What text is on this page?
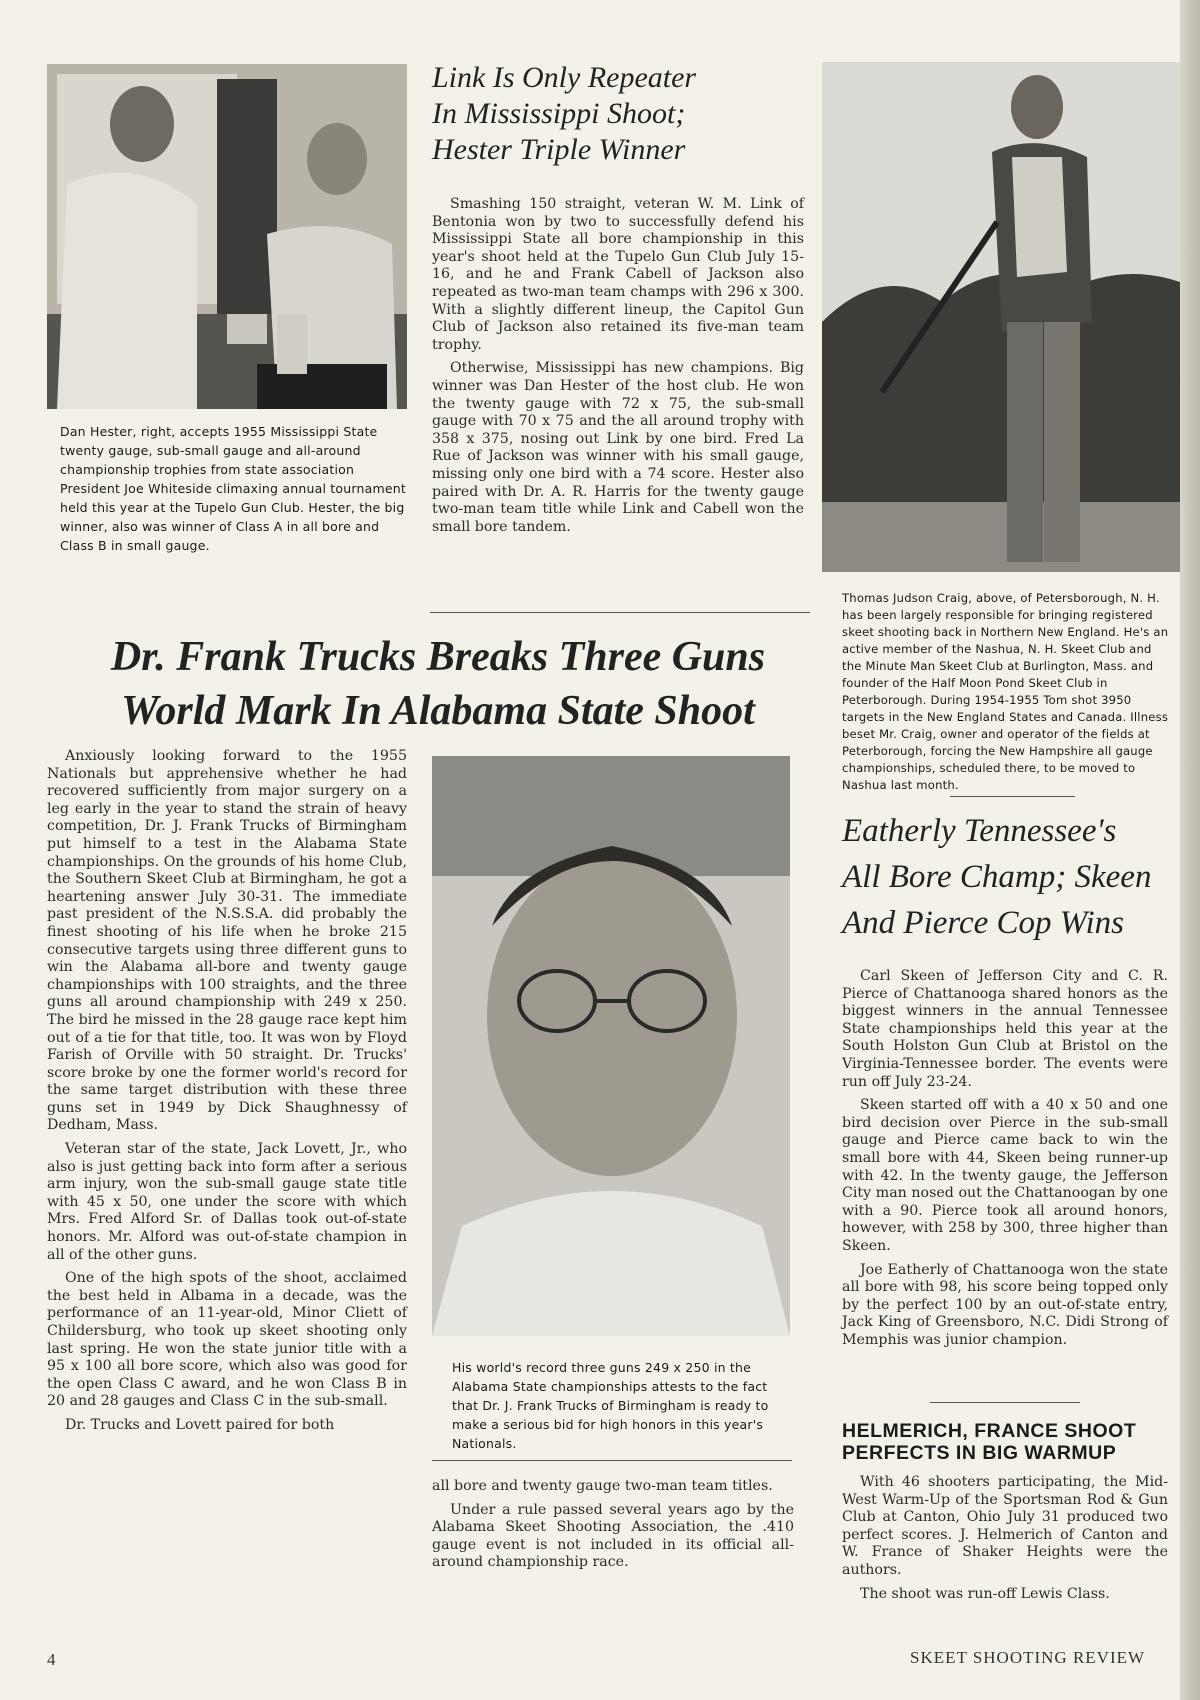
Dan Hester, right, accepts 1955 Mississippi State twenty gauge, sub-small gauge and all-around championship trophies from state association President Joe Whiteside climaxing annual tournament held this year at the Tupelo Gun Club. Hester, the big winner, also was winner of Class A in all bore and Class B in small gauge.
Link Is Only Repeater
In Mississippi Shoot;
Hester Triple Winner

Smashing 150 straight, veteran W. M. Link of Bentonia won by two to successfully defend his Mississippi State all bore championship in this year's shoot held at the Tupelo Gun Club July 15-16, and he and Frank Cabell of Jackson also repeated as two-man team champs with 296 x 300. With a slightly different lineup, the Capitol Gun Club of Jackson also retained its five-man team trophy.

Otherwise, Mississippi has new champions. Big winner was Dan Hester of the host club. He won the twenty gauge with 72 x 75, the sub-small gauge with 70 x 75 and the all around trophy with 358 x 375, nosing out Link by one bird. Fred La Rue of Jackson was winner with his small gauge, missing only one bird with a 74 score. Hester also paired with Dr. A. R. Harris for the twenty gauge two-man team title while Link and Cabell won the small bore tandem.

Thomas Judson Craig, above, of Petersborough, N. H. has been largely responsible for bringing registered skeet shooting back in Northern New England. He's an active member of the Nashua, N. H. Skeet Club and the Minute Man Skeet Club at Burlington, Mass. and founder of the Half Moon Pond Skeet Club in Peterborough. During 1954-1955 Tom shot 3950 targets in the New England States and Canada. Illness beset Mr. Craig, owner and operator of the fields at Peterborough, forcing the New Hampshire all gauge championships, scheduled there, to be moved to Nashua last month.
Dr. Frank Trucks Breaks Three Guns
World Mark In Alabama State Shoot

Anxiously looking forward to the 1955 Nationals but apprehensive whether he had recovered sufficiently from major surgery on a leg early in the year to stand the strain of heavy competition, Dr. J. Frank Trucks of Birmingham put himself to a test in the Alabama State championships. On the grounds of his home Club, the Southern Skeet Club at Birmingham, he got a heartening answer July 30-31. The immediate past president of the N.S.S.A. did probably the finest shooting of his life when he broke 215 consecutive targets using three different guns to win the Alabama all-bore and twenty gauge championships with 100 straights, and the three guns all around championship with 249 x 250. The bird he missed in the 28 gauge race kept him out of a tie for that title, too. It was won by Floyd Farish of Orville with 50 straight. Dr. Trucks' score broke by one the former world's record for the same target distribution with these three guns set in 1949 by Dick Shaughnessy of Dedham, Mass.

Veteran star of the state, Jack Lovett, Jr., who also is just getting back into form after a serious arm injury, won the sub-small gauge state title with 45 x 50, one under the score with which Mrs. Fred Alford Sr. of Dallas took out-of-state honors. Mr. Alford was out-of-state champion in all of the other guns.

One of the high spots of the shoot, acclaimed the best held in Albama in a decade, was the performance of an 11-year-old, Minor Cliett of Childersburg, who took up skeet shooting only last spring. He won the state junior title with a 95 x 100 all bore score, which also was good for the open Class C award, and he won Class B in 20 and 28 gauges and Class C in the sub-small.

Dr. Trucks and Lovett paired for both

His world's record three guns 249 x 250 in the Alabama State championships attests to the fact that Dr. J. Frank Trucks of Birmingham is ready to make a serious bid for high honors in this year's Nationals.

all bore and twenty gauge two-man team titles.

Under a rule passed several years ago by the Alabama Skeet Shooting Association, the .410 gauge event is not included in its official all-around championship race.

Eatherly Tennessee's
All Bore Champ; Skeen
And Pierce Cop Wins

Carl Skeen of Jefferson City and C. R. Pierce of Chattanooga shared honors as the biggest winners in the annual Tennessee State championships held this year at the South Holston Gun Club at Bristol on the Virginia-Tennessee border. The events were run off July 23-24.

Skeen started off with a 40 x 50 and one bird decision over Pierce in the sub-small gauge and Pierce came back to win the small bore with 44, Skeen being runner-up with 42. In the twenty gauge, the Jefferson City man nosed out the Chattanoogan by one with a 90. Pierce took all around honors, however, with 258 by 300, three higher than Skeen.

Joe Eatherly of Chattanooga won the state all bore with 98, his score being topped only by the perfect 100 by an out-of-state entry, Jack King of Greensboro, N.C. Didi Strong of Memphis was junior champion.

HELMERICH, FRANCE SHOOT
PERFECTS IN BIG WARMUP

With 46 shooters participating, the Mid-West Warm-Up of the Sportsman Rod & Gun Club at Canton, Ohio July 31 produced two perfect scores. J. Helmerich of Canton and W. France of Shaker Heights were the authors.

The shoot was run-off Lewis Class.

4	SKEET SHOOTING REVIEW
